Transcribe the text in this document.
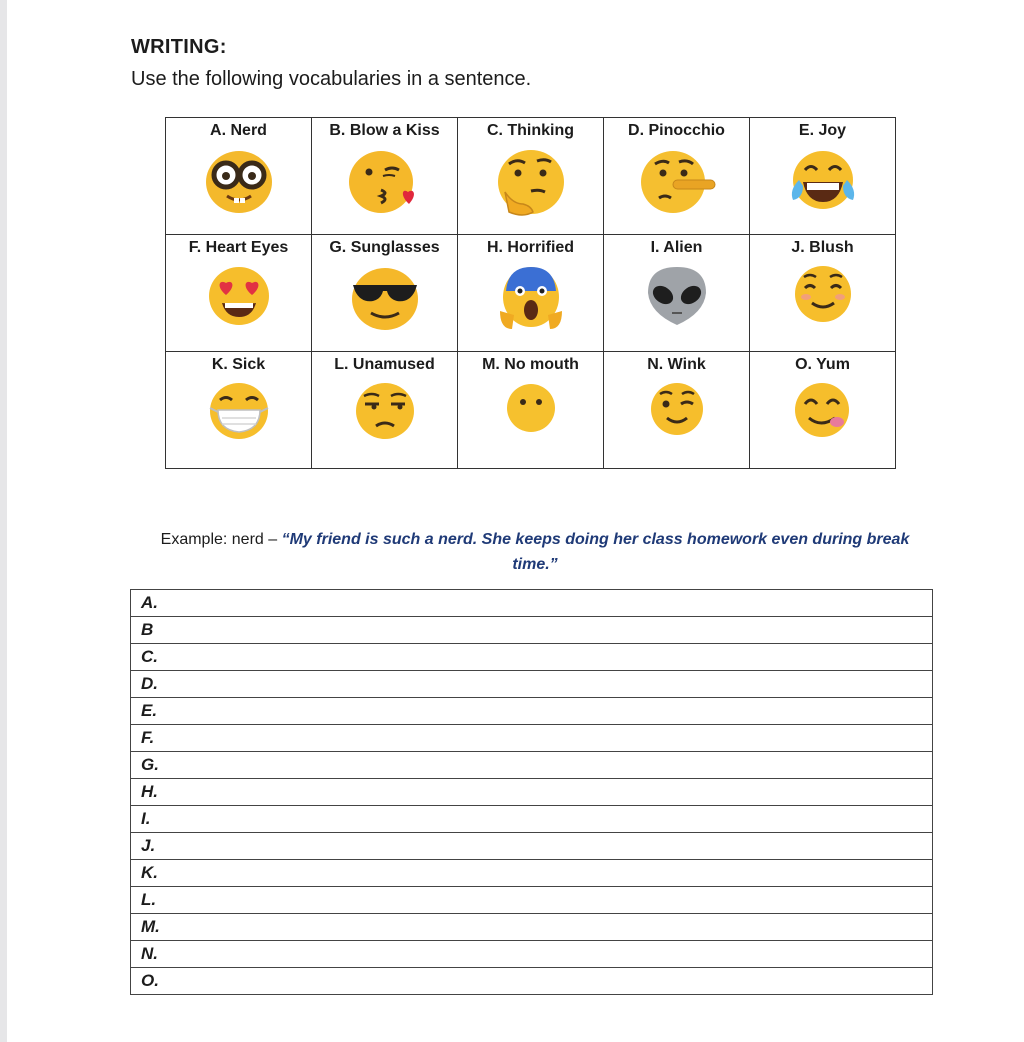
WRITING:
Use the following vocabularies in a sentence.
A. Nerd	B. Blow a Kiss	C. Thinking	D. Pinocchio	E. Joy

F. Heart Eyes	G. Sunglasses	H. Horrified	I. Alien	J. Blush

K. Sick	L. Unamused	M. No mouth	N. Wink	O. Yum
Example: nerd – “My friend is such a nerd. She keeps doing her class homework even during break time.”
A.
B
C.
D.
E.
F.
G.
H.
I.
J.
K.
L.
M.
N.
O.
